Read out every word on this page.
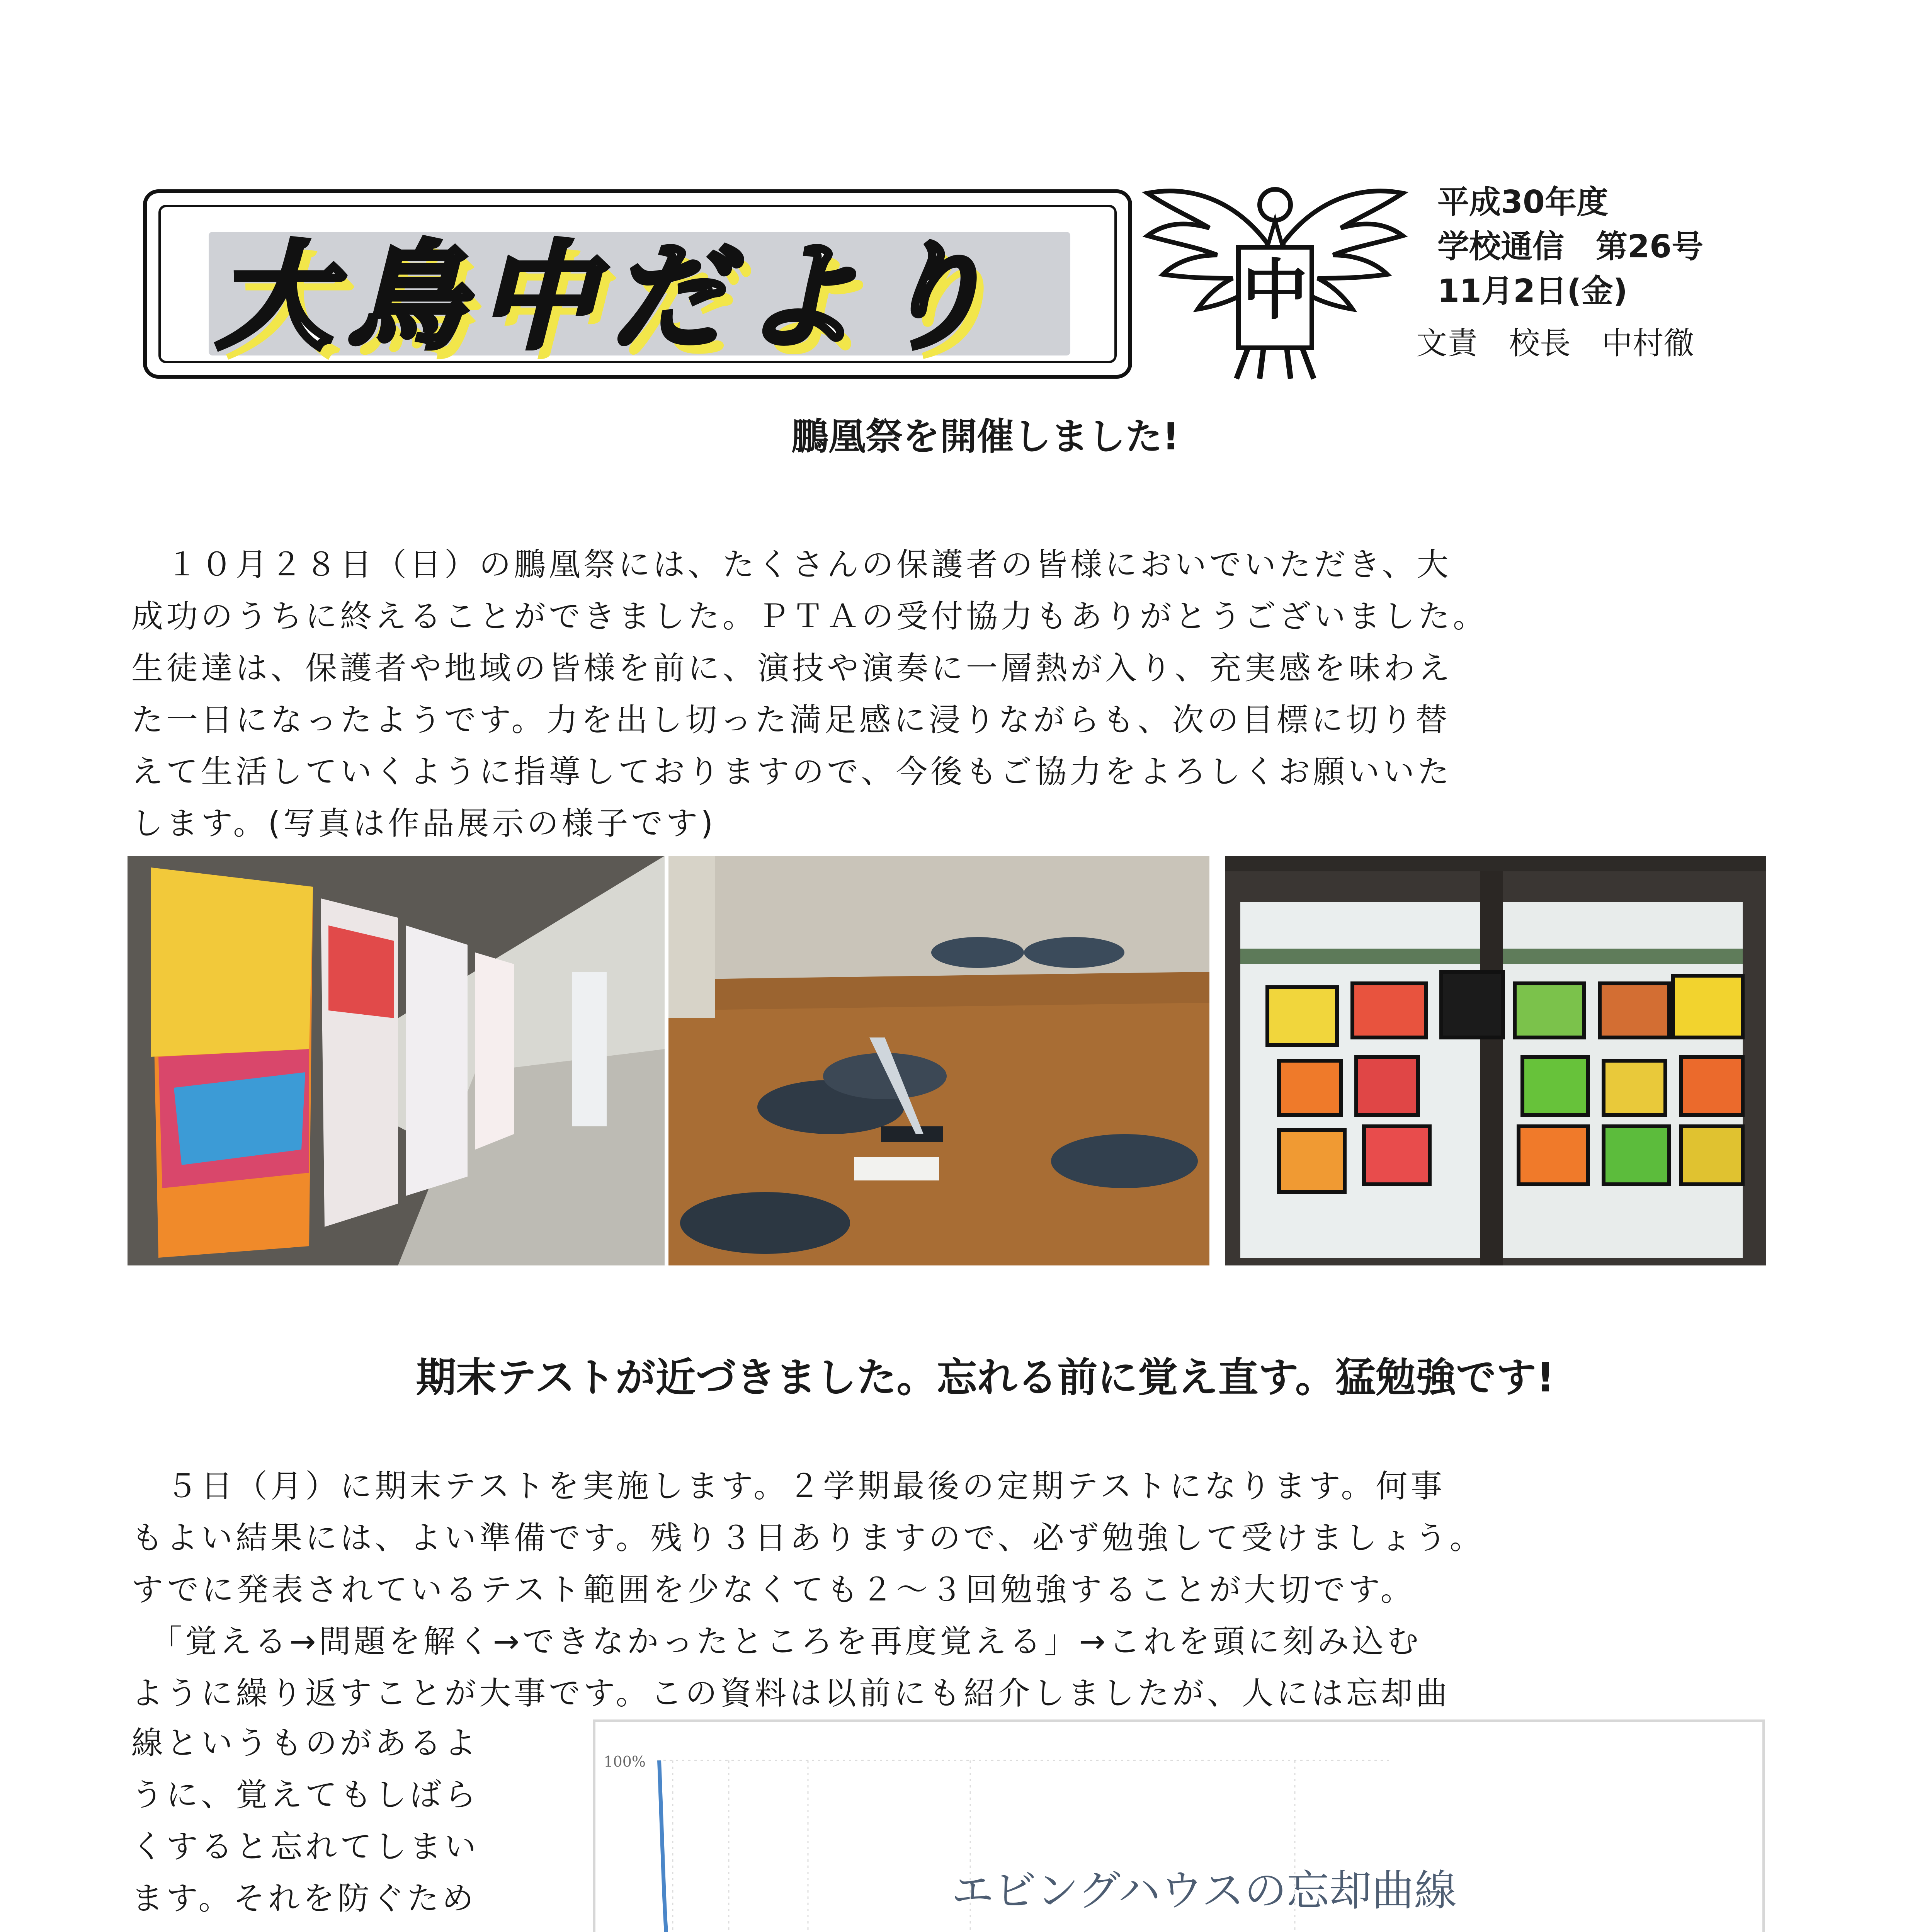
大鳥中だより	中
平成30年度
学校通信　第26号
11月2日(金)
文責　校長　中村徹
鵬凰祭を開催しました!
　１０月２８日（日）の鵬凰祭には、たくさんの保護者の皆様においでいただき、大
成功のうちに終えることができました。ＰＴＡの受付協力もありがとうございました。
生徒達は、保護者や地域の皆様を前に、演技や演奏に一層熱が入り、充実感を味わえ
た一日になったようです。力を出し切った満足感に浸りながらも、次の目標に切り替
えて生活していくように指導しておりますので、今後もご協力をよろしくお願いいた
します。(写真は作品展示の様子です)
期末テストが近づきました。忘れる前に覚え直す。猛勉強です!
　５日（月）に期末テストを実施します。２学期最後の定期テストになります。何事
もよい結果には、よい準備です。残り３日ありますので、必ず勉強して受けましょう。
すでに発表されているテスト範囲を少なくても２～３回勉強することが大切です。
　「覚える→問題を解く→できなかったところを再度覚える」→これを頭に刻み込む
ように繰り返すことが大事です。この資料は以前にも紹介しましたが、人には忘却曲
線というものがあるよ
うに、覚えてもしばら
くすると忘れてしまい
ます。それを防ぐため	エビングハウスの忘却曲線
100%
